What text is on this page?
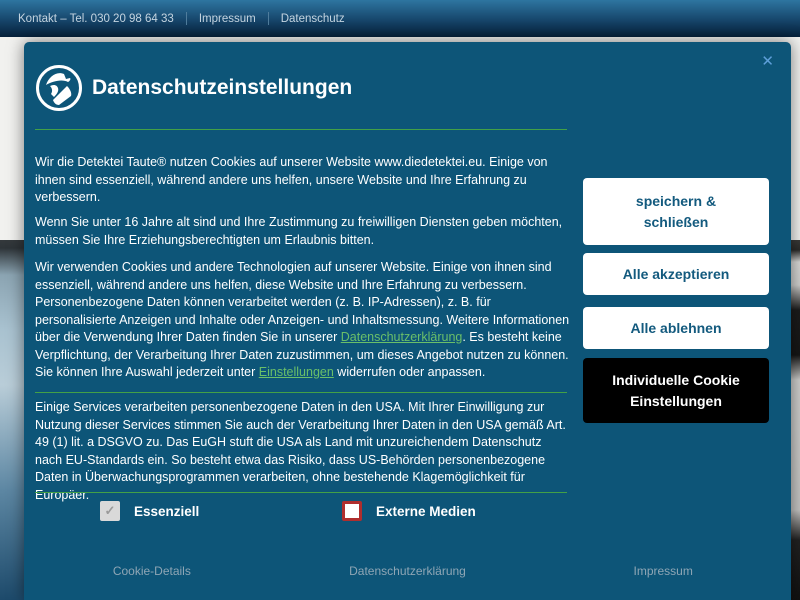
Kontakt – Tel. 030 20 98 64 33 Impressum Datenschutz
✕
Datenschutzeinstellungen

Wir die Detektei Taute® nutzen Cookies auf unserer Website www.diedetektei.eu. Einige von ihnen sind essenziell, während andere uns helfen, unsere Website und Ihre Erfahrung zu verbessern.

Wenn Sie unter 16 Jahre alt sind und Ihre Zustimmung zu freiwilligen Diensten geben möchten, müssen Sie Ihre Erziehungsberechtigten um Erlaubnis bitten.

Wir verwenden Cookies und andere Technologien auf unserer Website. Einige von ihnen sind essenziell, während andere uns helfen, diese Website und Ihre Erfahrung zu verbessern. Personenbezogene Daten können verarbeitet werden (z. B. IP-Adressen), z. B. für personalisierte Anzeigen und Inhalte oder Anzeigen- und Inhaltsmessung. Weitere Informationen über die Verwendung Ihrer Daten finden Sie in unserer Datenschutzerklärung. Es besteht keine Verpflichtung, der Verarbeitung Ihrer Daten zuzustimmen, um dieses Angebot nutzen zu können. Sie können Ihre Auswahl jederzeit unter Einstellungen widerrufen oder anpassen.

Einige Services verarbeiten personenbezogene Daten in den USA. Mit Ihrer Einwilligung zur Nutzung dieser Services stimmen Sie auch der Verarbeitung Ihrer Daten in den USA gemäß Art. 49 (1) lit. a DSGVO zu. Das EuGH stuft die USA als Land mit unzureichendem Datenschutz nach EU-Standards ein. So besteht etwa das Risiko, dass US-Behörden personenbezogene Daten in Überwachungsprogrammen verarbeiten, ohne bestehende Klagemöglichkeit für Europäer.

✓	Essenziell	Externe Medien
speichern & schließen
Alle akzeptieren
Alle ablehnen
Individuelle Cookie Einstellungen
Cookie-Details	Datenschutzerklärung	Impressum
